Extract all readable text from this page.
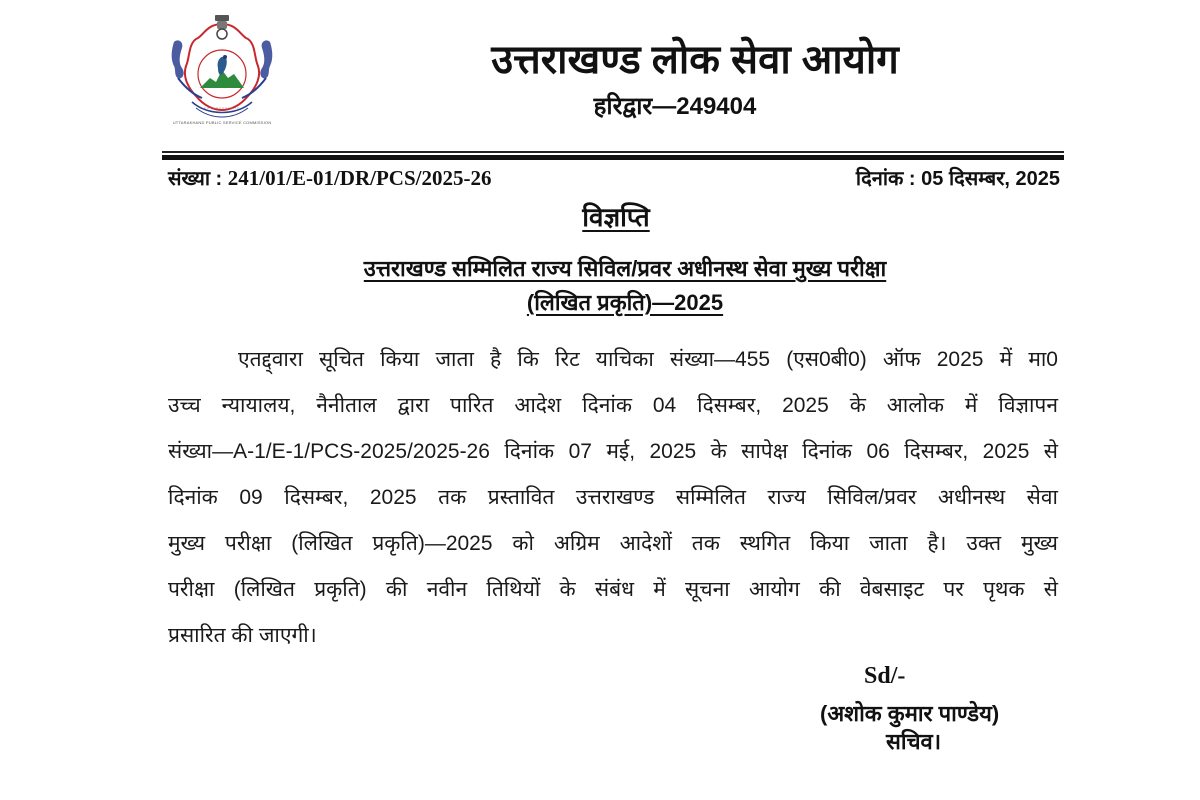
UTTARAKHAND PUBLIC SERVICE COMMISSION
उत्तराखण्ड लोक सेवा आयोग
हरिद्वार—249404
संख्या : 241/01/E-01/DR/PCS/2025-26	दिनांक : 05 दिसम्बर, 2025
विज्ञप्ति
उत्तराखण्ड सम्मिलित राज्य सिविल/प्रवर अधीनस्थ सेवा मुख्य परीक्षा
(लिखित प्रकृति)—2025
एतद्द्वारा सूचित किया जाता है कि रिट याचिका संख्या—455 (एस0बी0) ऑफ 2025 में मा0
उच्च न्यायालय, नैनीताल द्वारा पारित आदेश दिनांक 04 दिसम्बर, 2025 के आलोक में विज्ञापन
संख्या—A-1/E-1/PCS-2025/2025-26 दिनांक 07 मई, 2025 के सापेक्ष दिनांक 06 दिसम्बर, 2025 से
दिनांक 09 दिसम्बर, 2025 तक प्रस्तावित उत्तराखण्ड सम्मिलित राज्य सिविल/प्रवर अधीनस्थ सेवा
मुख्य परीक्षा (लिखित प्रकृति)—2025 को अग्रिम आदेशों तक स्थगित किया जाता है। उक्त मुख्य
परीक्षा (लिखित प्रकृति) की नवीन तिथियों के संबंध में सूचना आयोग की वेबसाइट पर पृथक से
प्रसारित की जाएगी।
Sd/-
(अशोक कुमार पाण्डेय)
सचिव।
